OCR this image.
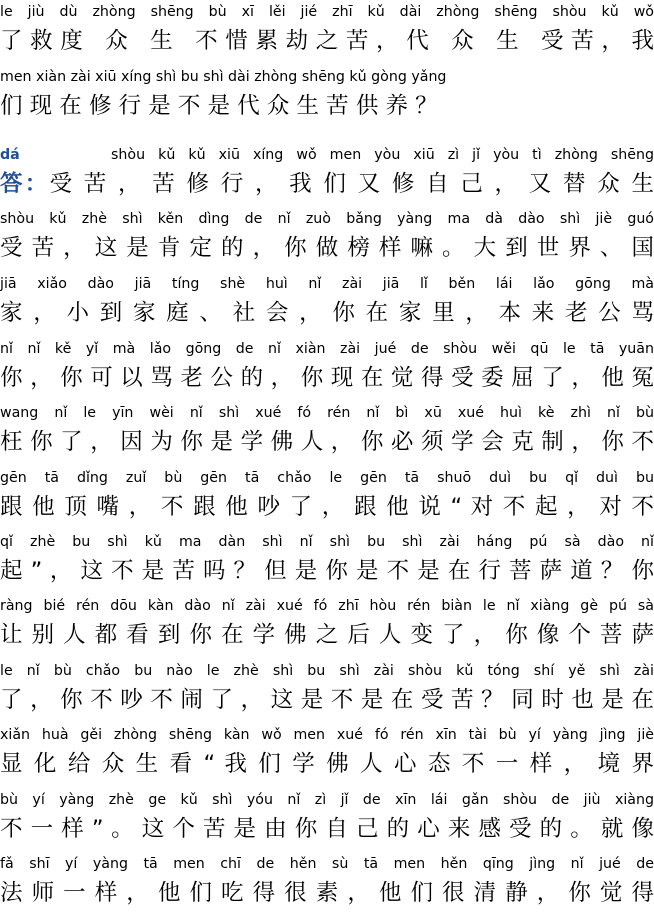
le jiù dù zhòng shēng bù xī lěi jié zhī kǔ dài zhòng shēng shòu kǔ wǒ
了救度 众 生 不惜累劫之苦，代 众 生 受苦，我
men xiàn zài xiū xíng shì bu shì dài zhòng shēng kǔ gòng yǎng
们 现 在 修 行 是 不 是 代 众 生 苦 供 养 ？
dá	shòu kǔ kǔ xiū xíng wǒ men yòu xiū zì jǐ yòu tì zhòng shēng
答：受 苦 ， 苦 修 行 ， 我 们 又 修 自 己 ， 又 替 众 生
shòu kǔ zhè shì kěn dìng de nǐ zuò bǎng yàng ma dà dào shì jiè guó
受 苦 ， 这 是 肯 定 的 ， 你 做 榜 样 嘛 。 大 到 世 界 、 国
jiā xiǎo dào jiā tíng shè huì nǐ zài jiā lǐ běn lái lǎo gōng mà
家 ， 小 到 家 庭 、 社 会 ， 你 在 家 里 ， 本 来 老 公 骂
nǐ nǐ kě yǐ mà lǎo gōng de nǐ xiàn zài jué de shòu wěi qū le tā yuān
你 ， 你 可 以 骂 老 公 的 ， 你 现 在 觉 得 受 委 屈 了 ， 他 冤
wang nǐ le yīn wèi nǐ shì xué fó rén nǐ bì xū xué huì kè zhì nǐ bù
枉 你 了 ， 因 为 你 是 学 佛 人 ， 你 必 须 学 会 克 制 ， 你 不
gēn tā dǐng zuǐ bù gēn tā chǎo le gēn tā shuō duì bu qǐ duì bu
跟 他 顶 嘴 ， 不 跟 他 吵 了 ， 跟 他 说 “ 对 不 起 ， 对 不
qǐ zhè bu shì kǔ ma dàn shì nǐ shì bu shì zài háng pú sà dào nǐ
起 ” ， 这 不 是 苦 吗 ？ 但 是 你 是 不 是 在 行 菩 萨 道 ？ 你
ràng bié rén dōu kàn dào nǐ zài xué fó zhī hòu rén biàn le nǐ xiàng gè pú sà
让 别 人 都 看 到 你 在 学 佛 之 后 人 变 了 ， 你 像 个 菩 萨
le nǐ bù chǎo bu nào le zhè shì bu shì zài shòu kǔ tóng shí yě shì zài
了 ， 你 不 吵 不 闹 了 ， 这 是 不 是 在 受 苦 ？ 同 时 也 是 在
xiǎn huà gěi zhòng shēng kàn wǒ men xué fó rén xīn tài bù yí yàng jìng jiè
显 化 给 众 生 看 “ 我 们 学 佛 人 心 态 不 一 样 ， 境 界
bù yí yàng zhè ge kǔ shì yóu nǐ zì jǐ de xīn lái gǎn shòu de jiù xiàng
不 一 样 ” 。 这 个 苦 是 由 你 自 己 的 心 来 感 受 的 。 就 像
fǎ shī yí yàng tā men chī de hěn sù tā men hěn qīng jìng nǐ jué de
法 师 一 样 ， 他 们 吃 得 很 素 ， 他 们 很 清 静 ， 你 觉 得
